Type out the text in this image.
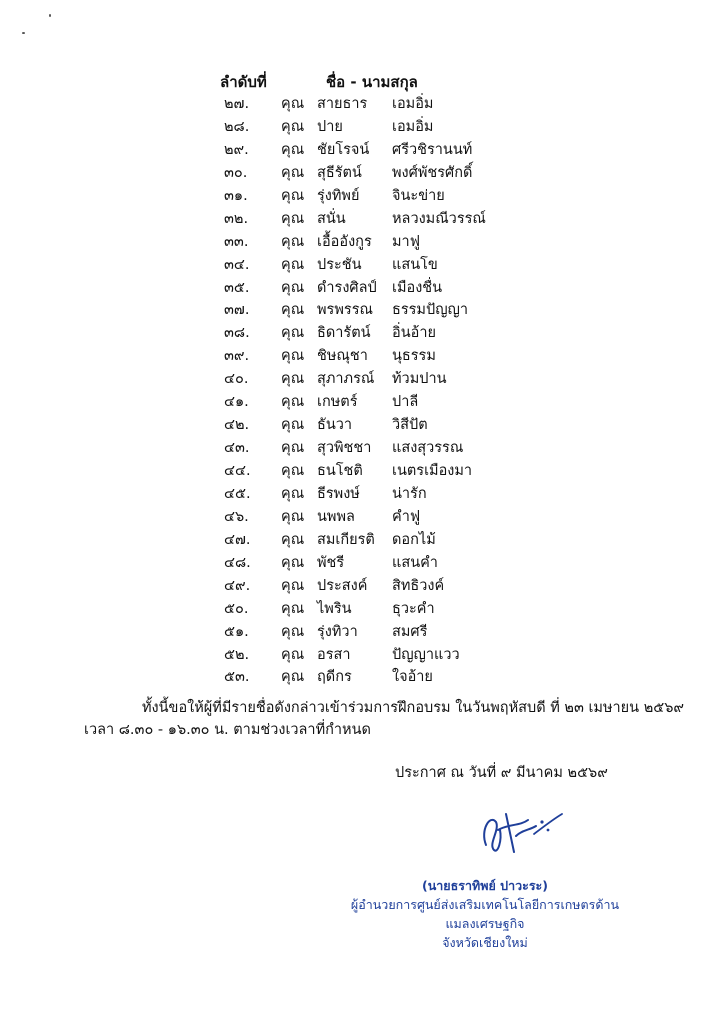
ลำดับที่	ชื่อ - นามสกุล
๒๗. คุณ สายธาร เอมอิ่ม
๒๘. คุณ ปาย	เอมอิ่ม
๒๙. คุณ ชัยโรจน์ ศรีวชิรานนท์
๓๐. คุณ สุธีรัตน์ พงศ์พัชรศักดิ์
๓๑. คุณ รุ่งทิพย์ จินะข่าย
๓๒. คุณ สนั่น	หลวงมณีวรรณ์
๓๓. คุณ เอื้ออังกูร มาฟู
๓๔. คุณ ประชัน แสนโข
๓๕. คุณ ดำรงศิลป์ เมืองชื่น
๓๗. คุณ พรพรรณ ธรรมปัญญา
๓๘. คุณ ธิดารัตน์ อิ่นอ้าย
๓๙. คุณ ชิษณุชา นุธรรม
๔๐. คุณ สุภาภรณ์ ท้วมปาน
๔๑. คุณ เกษตร์ ปาลี
๔๒. คุณ ธันวา	วิสีปัต
๔๓. คุณ สุวพิชชา แสงสุวรรณ
๔๔. คุณ ธนโชติ เนตรเมืองมา
๔๕. คุณ ธีรพงษ์ น่ารัก
๔๖. คุณ นพพล	คำฟู
๔๗. คุณ สมเกียรติ ดอกไม้
๔๘. คุณ พัชรี	แสนคำ
๔๙. คุณ ประสงค์ สิทธิวงค์
๕๐. คุณ ไพริน	ธุวะคำ
๕๑. คุณ รุ่งทิวา สมศรี
๕๒. คุณ อรสา	ปัญญาแวว
๕๓. คุณ ฤดีกร	ใจอ้าย
ทั้งนี้ขอให้ผู้ที่มีรายชื่อดังกล่าวเข้าร่วมการฝึกอบรม ในวันพฤหัสบดี ที่ ๒๓ เมษายน ๒๕๖๙
เวลา ๘.๓๐ - ๑๖.๓๐ น. ตามช่วงเวลาที่กำหนด
ประกาศ ณ วันที่ ๙ มีนาคม ๒๕๖๙
(นายธราทิพย์ ปาวะระ)
ผู้อำนวยการศูนย์ส่งเสริมเทคโนโลยีการเกษตรด้านแมลงเศรษฐกิจ
จังหวัดเชียงใหม่
